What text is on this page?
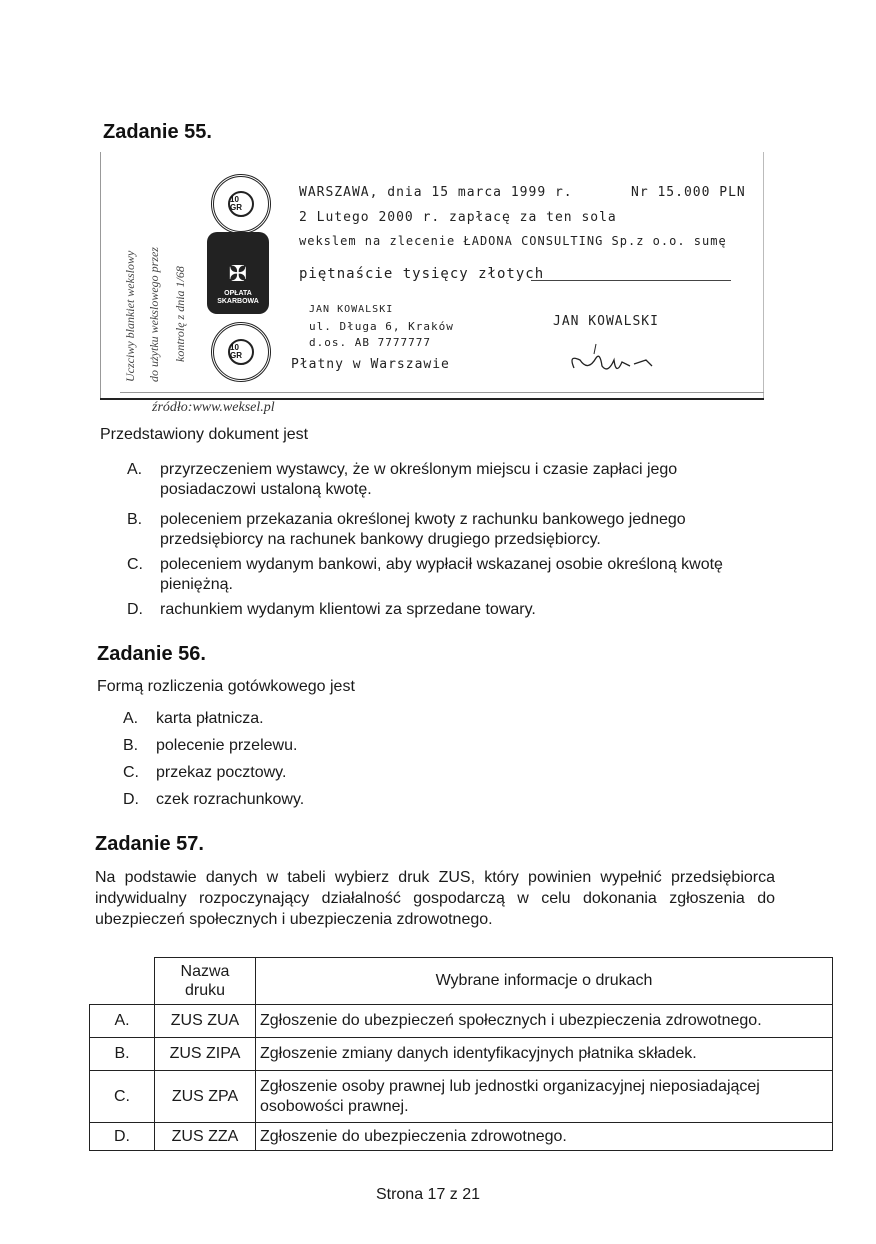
Zadanie 55.
Uczciwy blankiet wekslowy do użytku wekslowego przez kontrolę z dnia 1/68
10 GR
✠
OPŁATA
SKARBOWA
10 GR
WARSZAWA, dnia 15 marca 1999 r.	Nr 15.000 PLN
2 Lutego 2000 r. zapłacę za ten sola
wekslem na zlecenie ŁADONA CONSULTING Sp.z o.o. sumę
piętnaście tysięcy złotych
JAN KOWALSKI
ul. Długa 6, Kraków
d.os. AB 7777777
Płatny w Warszawie
JAN KOWALSKI
źródło:www.weksel.pl

Przedstawiony dokument jest

A. przyrzeczeniem wystawcy, że w określonym miejscu i czasie zapłaci jego posiadaczowi ustaloną kwotę.
B. poleceniem przekazania określonej kwoty z rachunku bankowego jednego przedsiębiorcy na rachunek bankowy drugiego przedsiębiorcy.
C. poleceniem wydanym bankowi, aby wypłacił wskazanej osobie określoną kwotę pieniężną.
D. rachunkiem wydanym klientowi za sprzedane towary.
Zadanie 56.

Formą rozliczenia gotówkowego jest

A. karta płatnicza.
B. polecenie przelewu.
C. przekaz pocztowy.
D. czek rozrachunkowy.
Zadanie 57.

Na podstawie danych w tabeli wybierz druk ZUS, który powinien wypełnić przedsiębiorca indywidualny rozpoczynający działalność gospodarczą w celu dokonania zgłoszenia do ubezpieczeń społecznych i ubezpieczenia zdrowotnego.

	Nazwa druku	Wybrane informacje o drukach
A.	ZUS ZUA	Zgłoszenie do ubezpieczeń społecznych i ubezpieczenia zdrowotnego.
B.	ZUS ZIPA	Zgłoszenie zmiany danych identyfikacyjnych płatnika składek.
C.	ZUS ZPA	Zgłoszenie osoby prawnej lub jednostki organizacyjnej nieposiadającej osobowości prawnej.
D.	ZUS ZZA	Zgłoszenie do ubezpieczenia zdrowotnego.
Strona 17 z 21
